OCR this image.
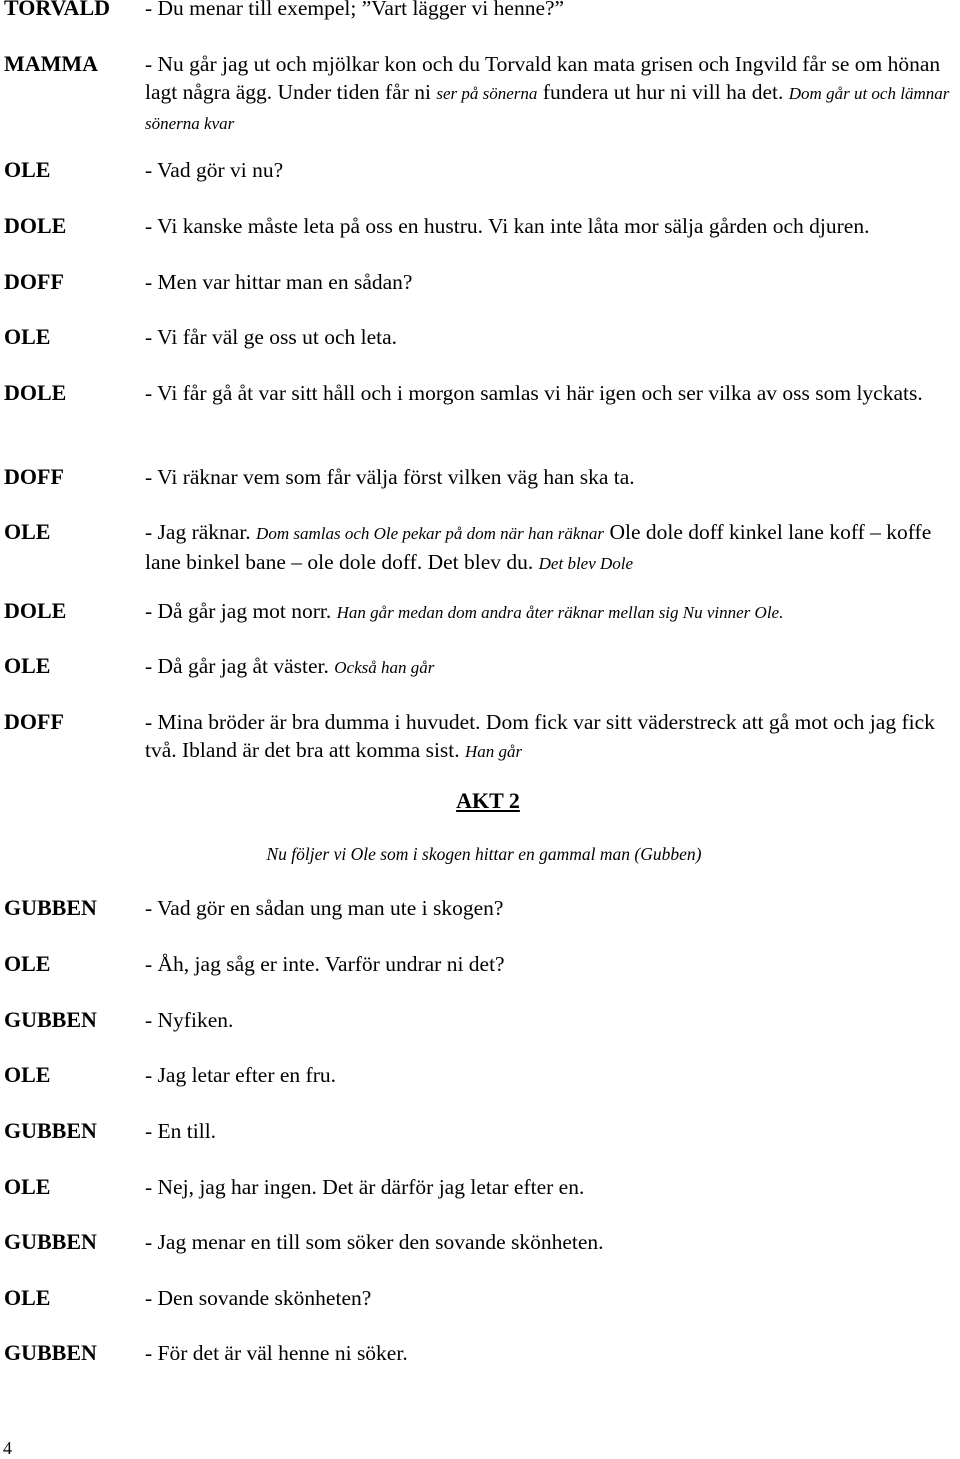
TORVALD - Du menar till exempel; ”Vart lägger vi henne?”
MAMMA - Nu går jag ut och mjölkar kon och du Torvald kan mata grisen och Ingvild får se om hönan lagt några ägg. Under tiden får ni ser på sönerna fundera ut hur ni vill ha det. Dom går ut och lämnar sönerna kvar
OLE	- Vad gör vi nu?
DOLE	- Vi kanske måste leta på oss en hustru. Vi kan inte låta mor sälja gården och djuren.
DOFF	- Men var hittar man en sådan?
OLE	- Vi får väl ge oss ut och leta.
DOLE	- Vi får gå åt var sitt håll och i morgon samlas vi här igen och ser vilka av oss som lyckats.
DOFF	- Vi räknar vem som får välja först vilken väg han ska ta.
OLE	- Jag räknar. Dom samlas och Ole pekar på dom när han räknar Ole dole doff kinkel lane koff – koffe lane binkel bane – ole dole doff. Det blev du. Det blev Dole
DOLE	- Då går jag mot norr. Han går medan dom andra åter räknar mellan sig Nu vinner Ole.
OLE	- Då går jag åt väster. Också han går
DOFF	- Mina bröder är bra dumma i huvudet. Dom fick var sitt väderstreck att gå mot och jag fick två. Ibland är det bra att komma sist. Han går
AKT 2
Nu följer vi Ole som i skogen hittar en gammal man (Gubben)
GUBBEN - Vad gör en sådan ung man ute i skogen?
OLE	- Åh, jag såg er inte. Varför undrar ni det?
GUBBEN - Nyfiken.
OLE	- Jag letar efter en fru.
GUBBEN - En till.
OLE	- Nej, jag har ingen. Det är därför jag letar efter en.
GUBBEN - Jag menar en till som söker den sovande skönheten.
OLE	- Den sovande skönheten?
GUBBEN - För det är väl henne ni söker.
4
